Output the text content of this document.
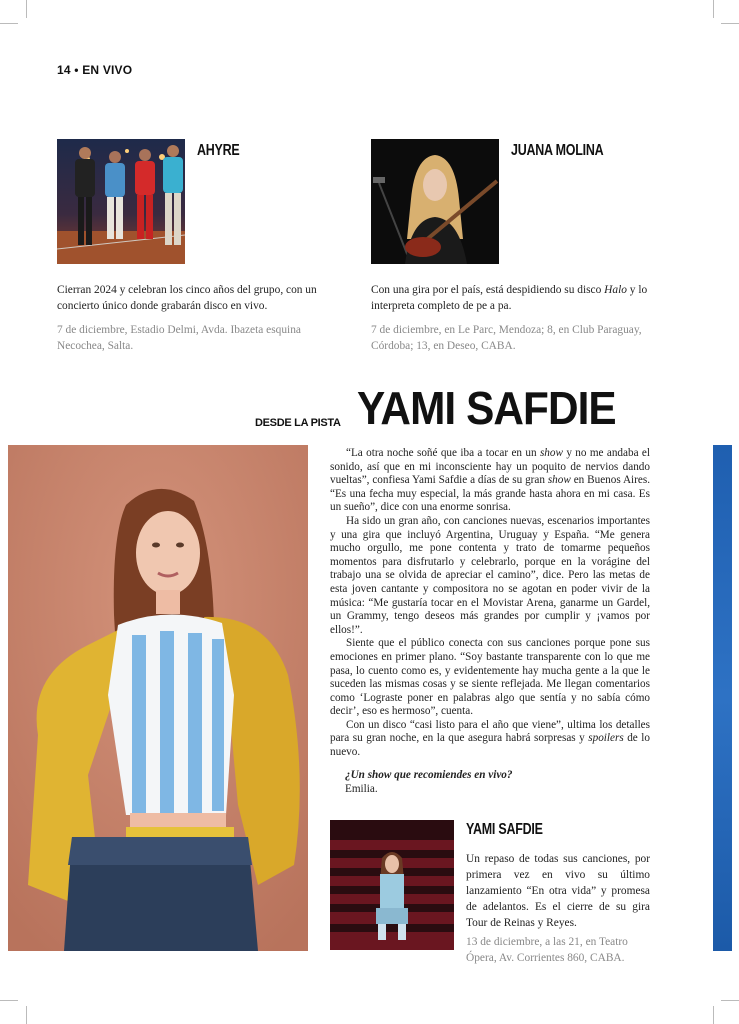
14 • EN VIVO
AHYRE	JUANA MOLINA
Cierran 2024 y celebran los cinco años del grupo, con un concierto único donde grabarán disco en vivo.
7 de diciembre, Estadio Delmi, Avda. Ibazeta esquina Necochea, Salta.
Con una gira por el país, está despidiendo su disco Halo y lo interpreta completo de pe a pa.
7 de diciembre, en Le Parc, Mendoza; 8, en Club Paraguay, Córdoba; 13, en Deseo, CABA.
DESDE LA PISTA YAMI SAFDIE

“La otra noche soñé que iba a tocar en un show y no me andaba el sonido, así que en mi inconsciente hay un poquito de nervios dando vueltas”, confiesa Yami Safdie a días de su gran show en Buenos Aires. “Es una fecha muy especial, la más grande hasta ahora en mi casa. Es un sueño”, dice con una enorme sonrisa.

Ha sido un gran año, con canciones nuevas, escenarios importantes y una gira que incluyó Argentina, Uruguay y España. “Me genera mucho orgullo, me pone contenta y trato de tomarme pequeños momentos para disfrutarlo y celebrarlo, porque en la vorágine del trabajo una se olvida de apreciar el camino”, dice. Pero las metas de esta joven cantante y compositora no se agotan en poder vivir de la música: “Me gustaría tocar en el Movistar Arena, ganarme un Gardel, un Grammy, tengo deseos más grandes por cumplir y ¡vamos por ellos!”.

Siente que el público conecta con sus canciones porque pone sus emociones en primer plano. “Soy bastante transparente con lo que me pasa, lo cuento como es, y evidentemente hay mucha gente a la que le suceden las mismas cosas y se siente reflejada. Me llegan comentarios como ‘Lograste poner en palabras algo que sentía y no sabía cómo decir’, eso es hermoso”, cuenta.

Con un disco “casi listo para el año que viene”, ultima los detalles para su gran noche, en la que asegura habrá sorpresas y spoilers de lo nuevo.

¿Un show que recomiendes en vivo?
Emilia.
YAMI SAFDIE
Un repaso de todas sus canciones, por primera vez en vivo su último lanzamiento “En otra vida” y promesa de adelantos. Es el cierre de su gira Tour de Reinas y Reyes.
13 de diciembre, a las 21, en Teatro Ópera, Av. Corrientes 860, CABA.
